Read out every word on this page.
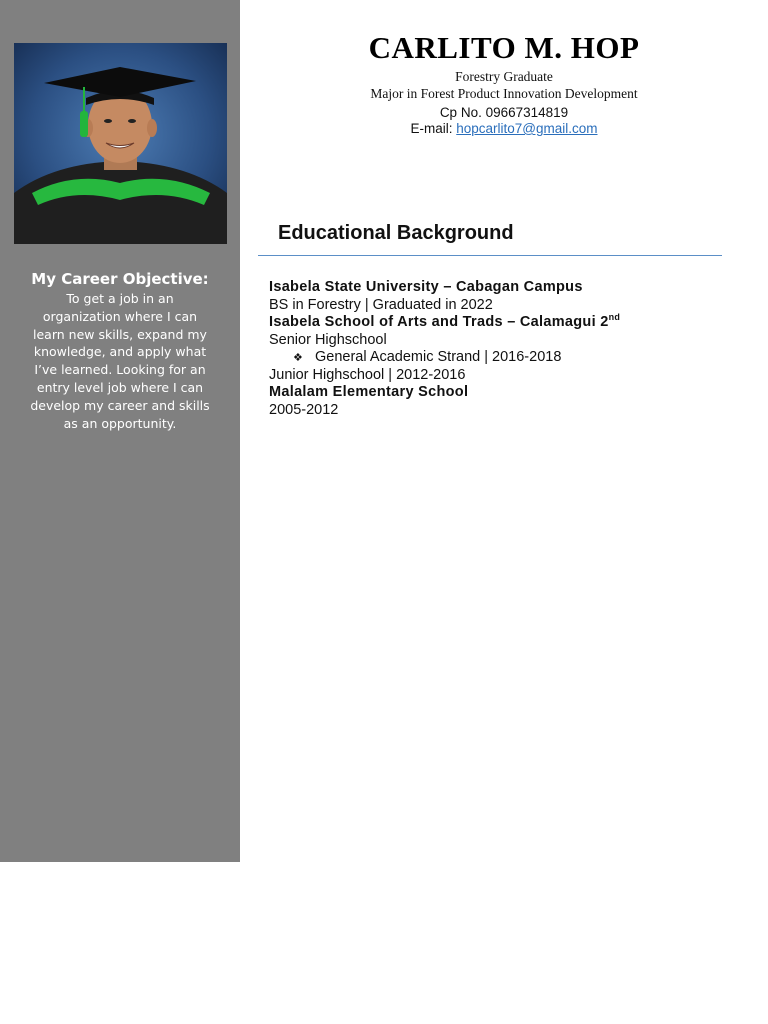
My Career Objective:
To get a job in an organization where I can learn new skills, expand my knowledge, and apply what I’ve learned. Looking for an entry level job where I can develop my career and skills as an opportunity.
CARLITO M. HOP
Forestry Graduate
Major in Forest Product Innovation Development
Cp No. 09667314819
E-mail: hopcarlito7@gmail.com
Educational Background
Isabela State University – Cabagan Campus
BS in Forestry | Graduated in 2022
Isabela School of Arts and Trads – Calamagui 2nd
Senior Highschool
❖ General Academic Strand | 2016-2018
Junior Highschool | 2012-2016
Malalam Elementary School
2005-2012
